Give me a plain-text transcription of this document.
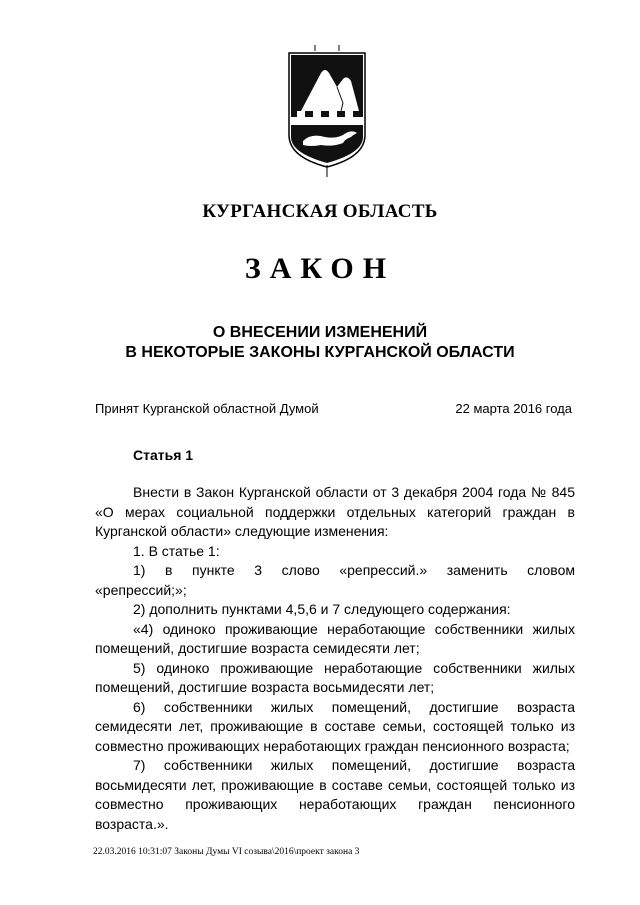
КУРГАНСКАЯ ОБЛАСТЬ
ЗАКОН
О ВНЕСЕНИИ ИЗМЕНЕНИЙ
В НЕКОТОРЫЕ ЗАКОНЫ КУРГАНСКОЙ ОБЛАСТИ
Принят Курганской областной Думой	22 марта 2016 года
Статья 1

Внести в Закон Курганской области от 3 декабря 2004 года № 845 «О мерах социальной поддержки отдельных категорий граждан в Курганской области» следующие изменения:

1. В статье 1:

1) в пункте 3 слово «репрессий.» заменить словом

«репрессий;»;

2) дополнить пунктами 4,5,6 и 7 следующего содержания:

«4) одиноко проживающие неработающие собственники жилых помещений, достигшие возраста семидесяти лет;

5) одиноко проживающие неработающие собственники жилых помещений, достигшие возраста восьмидесяти лет;

6) собственники жилых помещений, достигшие возраста семидесяти лет, проживающие в составе семьи, состоящей только из совместно проживающих неработающих граждан пенсионного возраста;

7) собственники жилых помещений, достигшие возраста восьмидесяти лет, проживающие в составе семьи, состоящей только из совместно проживающих неработающих граждан пенсионного возраста.».

22.03.2016 10:31:07 Законы Думы VI созыва\2016\проект закона 3
